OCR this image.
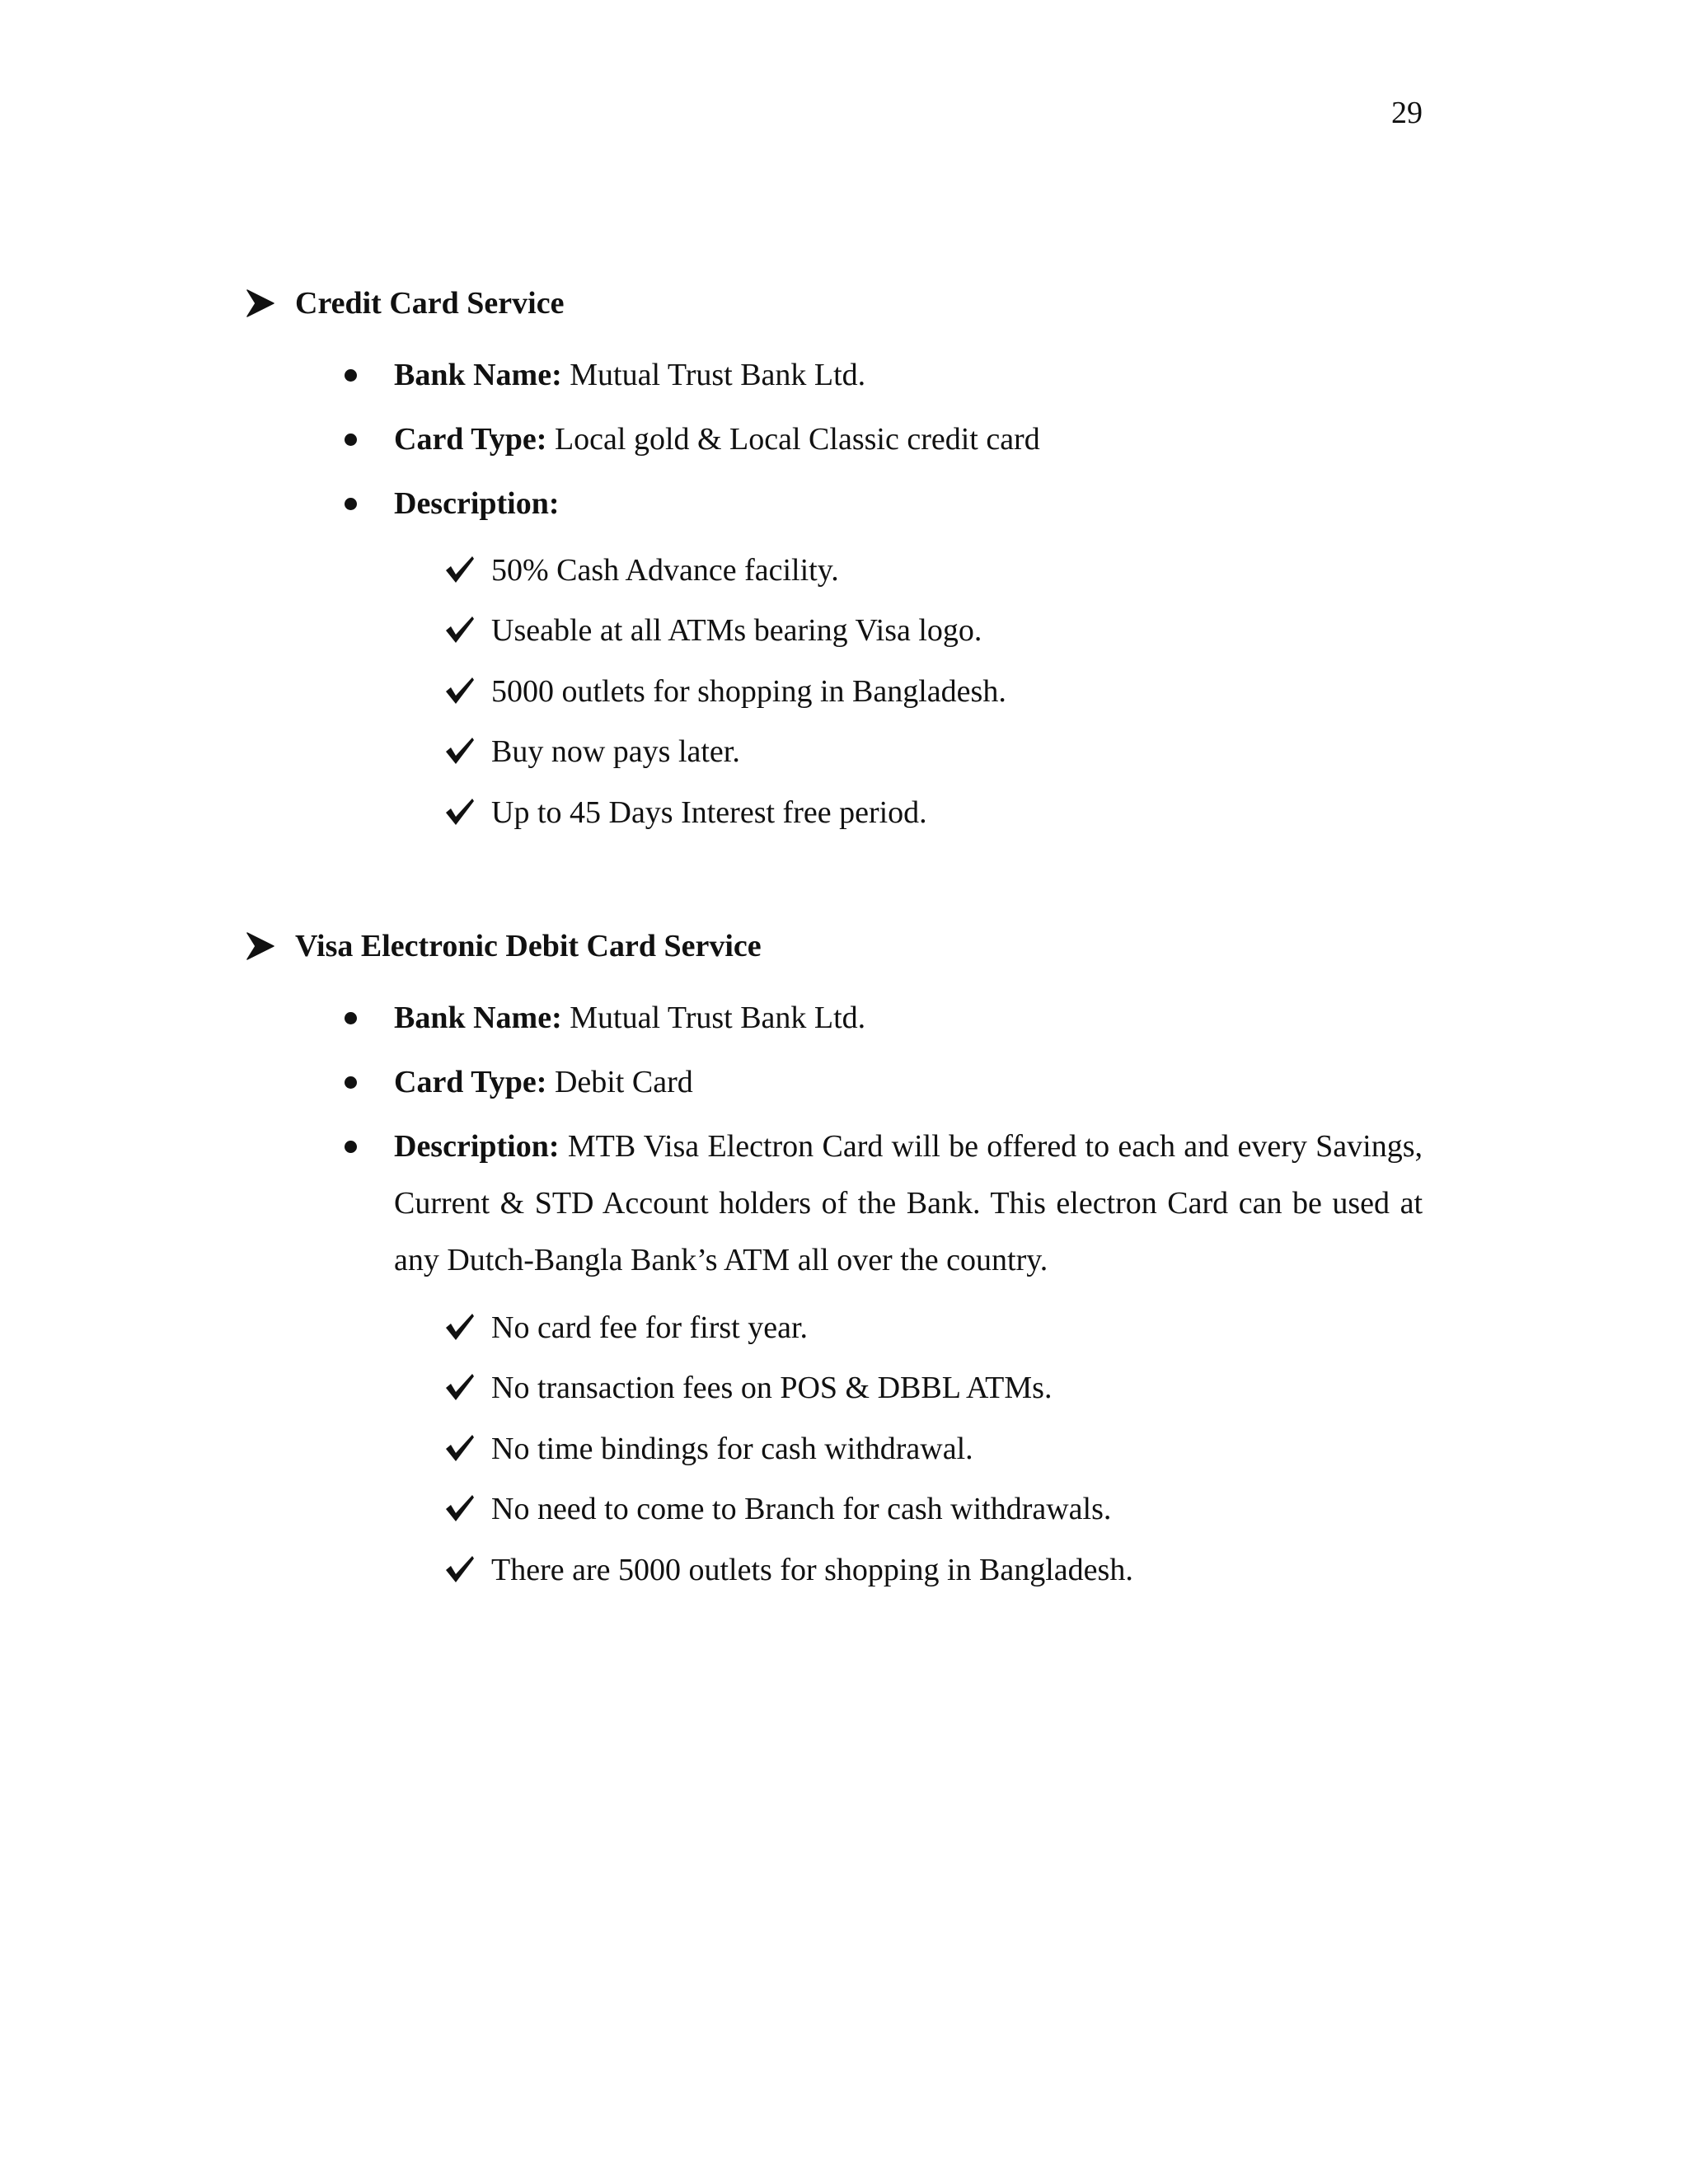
29
Credit Card Service
Bank Name: Mutual Trust Bank Ltd.
Card Type: Local gold & Local Classic credit card
Description:
50% Cash Advance facility.
Useable at all ATMs bearing Visa logo.
5000 outlets for shopping in Bangladesh.
Buy now pays later.
Up to 45 Days Interest free period.
Visa Electronic Debit Card Service
Bank Name: Mutual Trust Bank Ltd.
Card Type: Debit Card
Description: MTB Visa Electron Card will be offered to each and every Savings, Current & STD Account holders of the Bank. This electron Card can be used at any Dutch-Bangla Bank’s ATM all over the country.
No card fee for first year.
No transaction fees on POS & DBBL ATMs.
No time bindings for cash withdrawal.
No need to come to Branch for cash withdrawals.
There are 5000 outlets for shopping in Bangladesh.
